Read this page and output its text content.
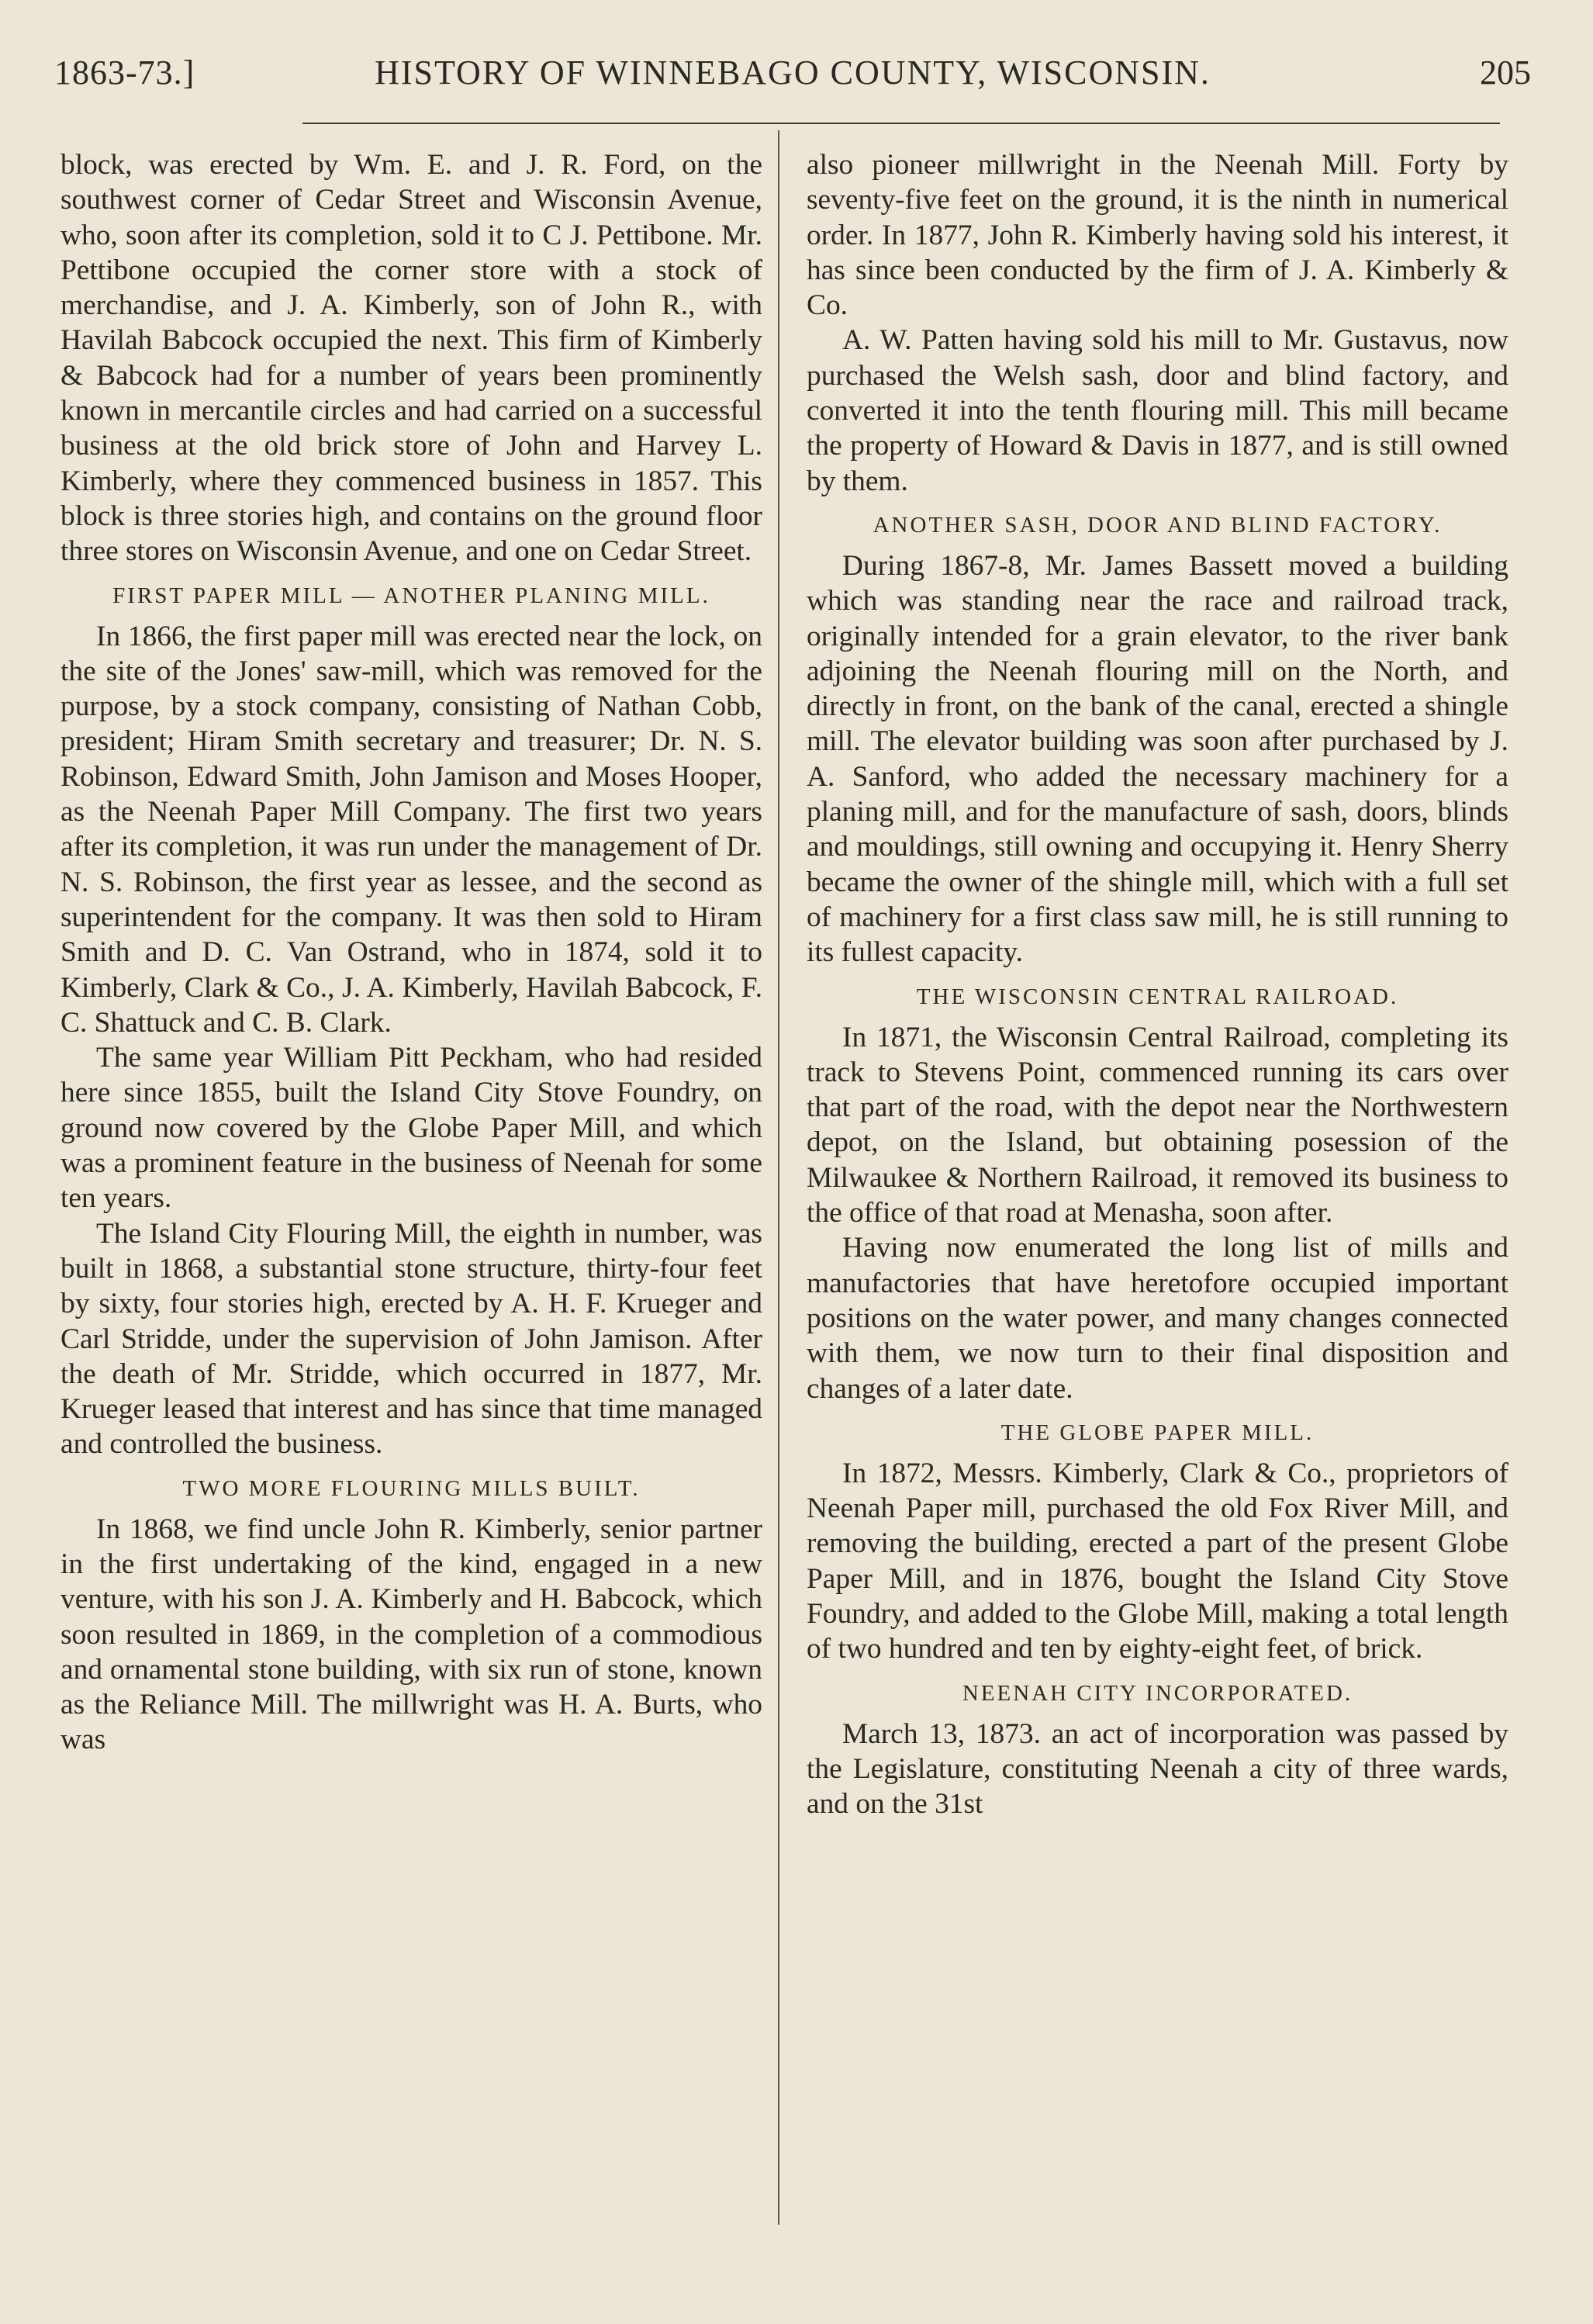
1863-73.]	HISTORY OF WINNEBAGO COUNTY, WISCONSIN.	205

block, was erected by Wm. E. and J. R. Ford, on the southwest corner of Cedar Street and Wisconsin Avenue, who, soon after its completion, sold it to C J. Pettibone. Mr. Pettibone occupied the corner store with a stock of merchandise, and J. A. Kimberly, son of John R., with Havilah Babcock occupied the next. This firm of Kimberly & Babcock had for a number of years been prominently known in mercantile circles and had carried on a successful business at the old brick store of John and Harvey L. Kimberly, where they commenced business in 1857. This block is three stories high, and contains on the ground floor three stores on Wisconsin Avenue, and one on Cedar Street.

FIRST PAPER MILL — ANOTHER PLANING MILL.

In 1866, the first paper mill was erected near the lock, on the site of the Jones' saw-mill, which was removed for the purpose, by a stock company, consisting of Nathan Cobb, president; Hiram Smith secretary and treasurer; Dr. N. S. Robinson, Edward Smith, John Jamison and Moses Hooper, as the Neenah Paper Mill Company. The first two years after its completion, it was run under the management of Dr. N. S. Robinson, the first year as lessee, and the second as superintendent for the company. It was then sold to Hiram Smith and D. C. Van Ostrand, who in 1874, sold it to Kimberly, Clark & Co., J. A. Kimberly, Havilah Babcock, F. C. Shattuck and C. B. Clark.

The same year William Pitt Peckham, who had resided here since 1855, built the Island City Stove Foundry, on ground now covered by the Globe Paper Mill, and which was a prominent feature in the business of Neenah for some ten years.

The Island City Flouring Mill, the eighth in number, was built in 1868, a substantial stone structure, thirty-four feet by sixty, four stories high, erected by A. H. F. Krueger and Carl Stridde, under the supervision of John Jamison. After the death of Mr. Stridde, which occurred in 1877, Mr. Krueger leased that interest and has since that time managed and controlled the business.

TWO MORE FLOURING MILLS BUILT.

In 1868, we find uncle John R. Kimberly, senior partner in the first undertaking of the kind, engaged in a new venture, with his son J. A. Kimberly and H. Babcock, which soon resulted in 1869, in the completion of a commodious and ornamental stone building, with six run of stone, known as the Reliance Mill. The millwright was H. A. Burts, who was

also pioneer millwright in the Neenah Mill. Forty by seventy-five feet on the ground, it is the ninth in numerical order. In 1877, John R. Kimberly having sold his interest, it has since been conducted by the firm of J. A. Kimberly & Co.

A. W. Patten having sold his mill to Mr. Gustavus, now purchased the Welsh sash, door and blind factory, and converted it into the tenth flouring mill. This mill became the property of Howard & Davis in 1877, and is still owned by them.

ANOTHER SASH, DOOR AND BLIND FACTORY.

During 1867-8, Mr. James Bassett moved a building which was standing near the race and railroad track, originally intended for a grain elevator, to the river bank adjoining the Neenah flouring mill on the North, and directly in front, on the bank of the canal, erected a shingle mill. The elevator building was soon after purchased by J. A. Sanford, who added the necessary machinery for a planing mill, and for the manufacture of sash, doors, blinds and mouldings, still owning and occupying it. Henry Sherry became the owner of the shingle mill, which with a full set of machinery for a first class saw mill, he is still running to its fullest capacity.

THE WISCONSIN CENTRAL RAILROAD.

In 1871, the Wisconsin Central Railroad, completing its track to Stevens Point, commenced running its cars over that part of the road, with the depot near the Northwestern depot, on the Island, but obtaining posession of the Milwaukee & Northern Railroad, it removed its business to the office of that road at Menasha, soon after.

Having now enumerated the long list of mills and manufactories that have heretofore occupied important positions on the water power, and many changes connected with them, we now turn to their final disposition and changes of a later date.

THE GLOBE PAPER MILL.

In 1872, Messrs. Kimberly, Clark & Co., proprietors of Neenah Paper mill, purchased the old Fox River Mill, and removing the building, erected a part of the present Globe Paper Mill, and in 1876, bought the Island City Stove Foundry, and added to the Globe Mill, making a total length of two hundred and ten by eighty-eight feet, of brick.

NEENAH CITY INCORPORATED.

March 13, 1873. an act of incorporation was passed by the Legislature, constituting Neenah a city of three wards, and on the 31st
